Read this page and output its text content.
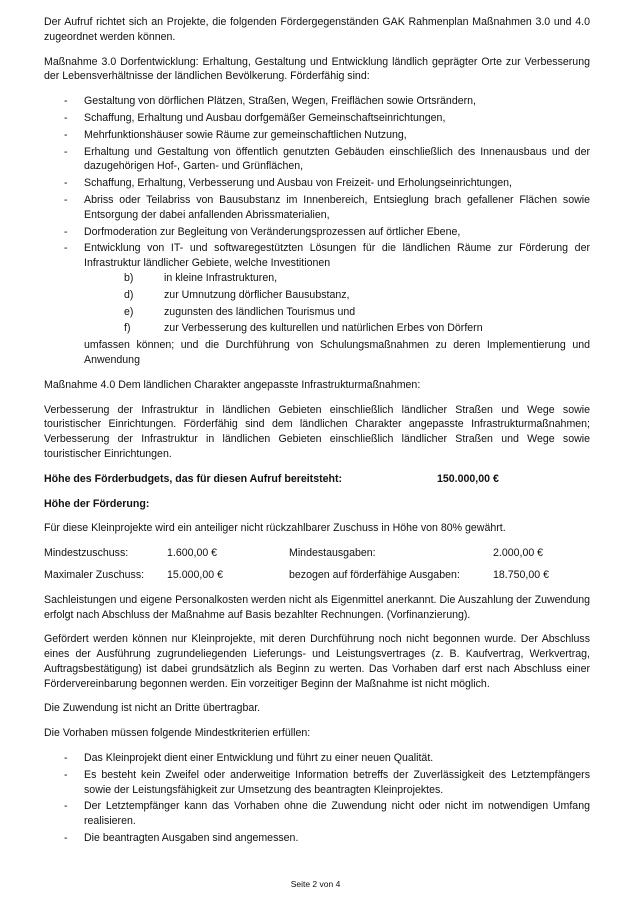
Der Aufruf richtet sich an Projekte, die folgenden Fördergegenständen GAK Rahmenplan Maßnahmen 3.0 und 4.0 zugeordnet werden können.

Maßnahme 3.0 Dorfentwicklung: Erhaltung, Gestaltung und Entwicklung ländlich geprägter Orte zur Verbesserung der Lebensverhältnisse der ländlichen Bevölkerung. Förderfähig sind:

- Gestaltung von dörflichen Plätzen, Straßen, Wegen, Freiflächen sowie Ortsrändern,
- Schaffung, Erhaltung und Ausbau dorfgemäßer Gemeinschaftseinrichtungen,
- Mehrfunktionshäuser sowie Räume zur gemeinschaftlichen Nutzung,
- Erhaltung und Gestaltung von öffentlich genutzten Gebäuden einschließlich des Innenausbaus und der dazugehörigen Hof-, Garten- und Grünflächen,
- Schaffung, Erhaltung, Verbesserung und Ausbau von Freizeit- und Erholungseinrichtungen,
- Abriss oder Teilabriss von Bausubstanz im Innenbereich, Entsieglung brach gefallener Flächen sowie Entsorgung der dabei anfallenden Abrissmaterialien,
- Dorfmoderation zur Begleitung von Veränderungsprozessen auf örtlicher Ebene,
- Entwicklung von IT- und softwaregestützten Lösungen für die ländlichen Räume zur Förderung der Infrastruktur ländlicher Gebiete, welche Investitionen
b)	in kleine Infrastrukturen,
d)	zur Umnutzung dörflicher Bausubstanz,
e)	zugunsten des ländlichen Tourismus und
f)	zur Verbesserung des kulturellen und natürlichen Erbes von Dörfern
umfassen können; und die Durchführung von Schulungsmaßnahmen zu deren Implementierung und Anwendung

Maßnahme 4.0 Dem ländlichen Charakter angepasste Infrastrukturmaßnahmen:

Verbesserung der Infrastruktur in ländlichen Gebieten einschließlich ländlicher Straßen und Wege sowie touristischer Einrichtungen. Förderfähig sind dem ländlichen Charakter angepasste Infrastrukturmaßnahmen; Verbesserung der Infrastruktur in ländlichen Gebieten einschließlich ländlicher Straßen und Wege sowie touristischer Einrichtungen.

Höhe des Förderbudgets, das für diesen Aufruf bereitsteht:	150.000,00 €
Höhe der Förderung:

Für diese Kleinprojekte wird ein anteiliger nicht rückzahlbarer Zuschuss in Höhe von 80% gewährt.

Mindestzuschuss:	1.600,00 €	Mindestausgaben:	2.000,00 €
Maximaler Zuschuss:	15.000,00 €	bezogen auf förderfähige Ausgaben:	18.750,00 €

Sachleistungen und eigene Personalkosten werden nicht als Eigenmittel anerkannt. Die Auszahlung der Zuwendung erfolgt nach Abschluss der Maßnahme auf Basis bezahlter Rechnungen. (Vorfinanzierung).

Gefördert werden können nur Kleinprojekte, mit deren Durchführung noch nicht begonnen wurde. Der Abschluss eines der Ausführung zugrundeliegenden Lieferungs- und Leistungsvertrages (z. B. Kaufvertrag, Werkvertrag, Auftragsbestätigung) ist dabei grundsätzlich als Beginn zu werten. Das Vorhaben darf erst nach Abschluss einer Fördervereinbarung begonnen werden. Ein vorzeitiger Beginn der Maßnahme ist nicht möglich.

Die Zuwendung ist nicht an Dritte übertragbar.

Die Vorhaben müssen folgende Mindestkriterien erfüllen:

- Das Kleinprojekt dient einer Entwicklung und führt zu einer neuen Qualität.
- Es besteht kein Zweifel oder anderweitige Information betreffs der Zuverlässigkeit des Letztempfängers sowie der Leistungsfähigkeit zur Umsetzung des beantragten Kleinprojektes.
- Der Letztempfänger kann das Vorhaben ohne die Zuwendung nicht oder nicht im notwendigen Umfang realisieren.
- Die beantragten Ausgaben sind angemessen.
Seite 2 von 4
